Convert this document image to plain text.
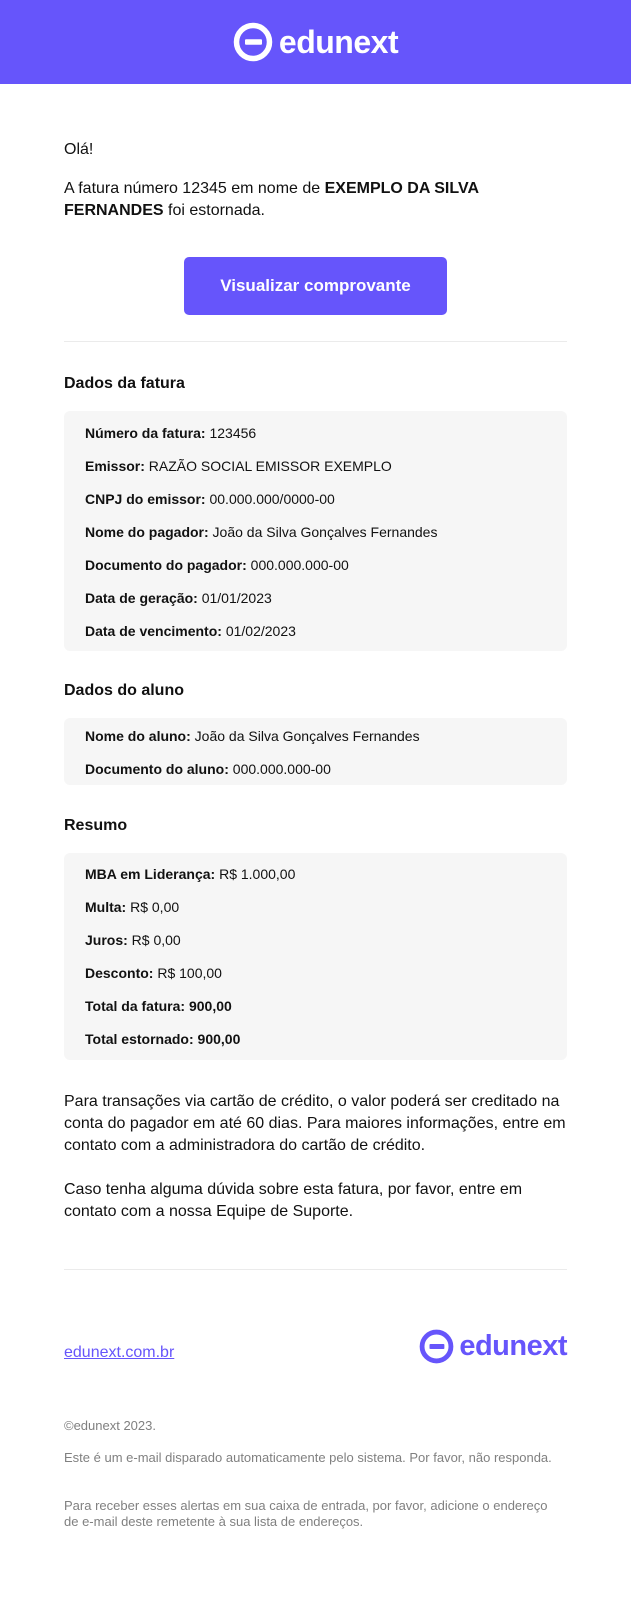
edunext

Olá!

A fatura número 12345 em nome de EXEMPLO DA SILVA FERNANDES foi estornada.

Visualizar comprovante
Dados da fatura
Número da fatura: 123456
Emissor: RAZÃO SOCIAL EMISSOR EXEMPLO
CNPJ do emissor: 00.000.000/0000-00
Nome do pagador: João da Silva Gonçalves Fernandes
Documento do pagador: 000.000.000-00
Data de geração: 01/01/2023
Data de vencimento: 01/02/2023
Dados do aluno
Nome do aluno: João da Silva Gonçalves Fernandes
Documento do aluno: 000.000.000-00
Resumo
MBA em Liderança: R$ 1.000,00
Multa: R$ 0,00
Juros: R$ 0,00
Desconto: R$ 100,00
Total da fatura: 900,00
Total estornado: 900,00

Para transações via cartão de crédito, o valor poderá ser creditado na conta do pagador em até 60 dias. Para maiores informações, entre em contato com a administradora do cartão de crédito.

Caso tenha alguma dúvida sobre esta fatura, por favor, entre em contato com a nossa Equipe de Suporte.

edunext.com.br	edunext

©edunext 2023.

Este é um e-mail disparado automaticamente pelo sistema. Por favor, não responda.

Para receber esses alertas em sua caixa de entrada, por favor, adicione o endereço de e-mail deste remetente à sua lista de endereços.
